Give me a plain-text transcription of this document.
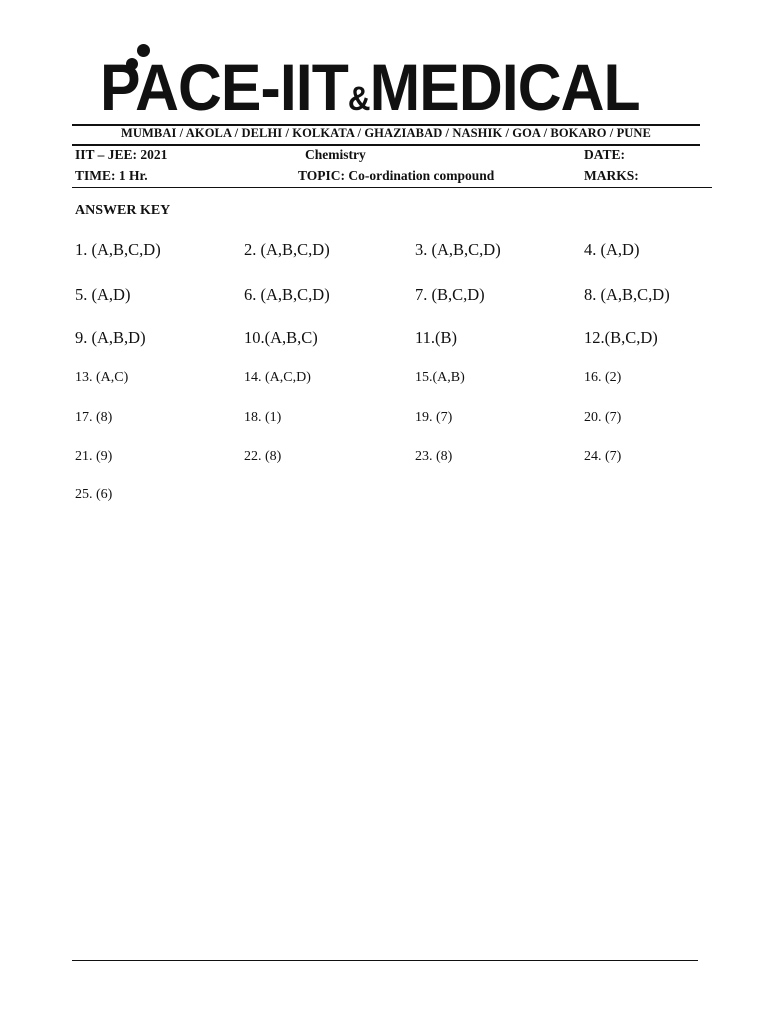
PACE-IIT&MEDICAL
MUMBAI / AKOLA / DELHI / KOLKATA / GHAZIABAD / NASHIK / GOA / BOKARO / PUNE
IIT – JEE: 2021	Chemistry	DATE:
TIME: 1 Hr.	TOPIC: Co-ordination compound	MARKS:
ANSWER KEY
1. (A,B,C,D)	2. (A,B,C,D)	3. (A,B,C,D)	4. (A,D)
5. (A,D)	6. (A,B,C,D)	7. (B,C,D)	8. (A,B,C,D)
9. (A,B,D)	10.(A,B,C)	11.(B)	12.(B,C,D)
13. (A,C)	14. (A,C,D)	15.(A,B)	16. (2)
17. (8)	18. (1)	19. (7)	20. (7)
21. (9)	22. (8)	23. (8)	24. (7)
25. (6)
